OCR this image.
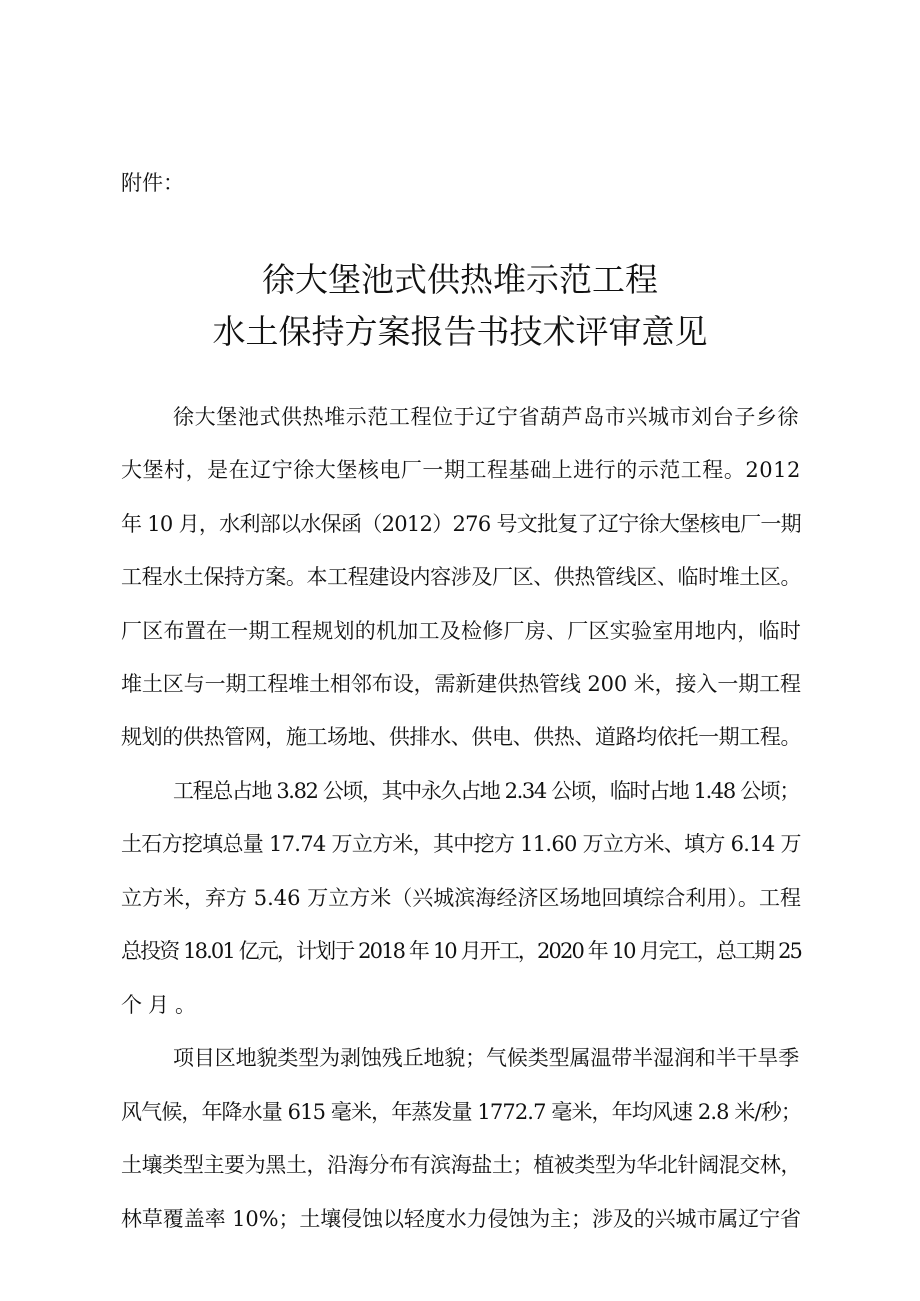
附件：
徐大堡池式供热堆示范工程
水土保持方案报告书技术评审意见
徐大堡池式供热堆示范工程位于辽宁省葫芦岛市兴城市刘台子乡徐
大堡村，是在辽宁徐大堡核电厂一期工程基础上进行的示范工程。2012
年 10 月，水利部以水保函（2012）276 号文批复了辽宁徐大堡核电厂一期
工程水土保持方案。本工程建设内容涉及厂区、供热管线区、临时堆土区。
厂区布置在一期工程规划的机加工及检修厂房、厂区实验室用地内，临时
堆土区与一期工程堆土相邻布设，需新建供热管线 200 米，接入一期工程
规划的供热管网，施工场地、供排水、供电、供热、道路均依托一期工程。
工程总占地 3.82 公顷，其中永久占地 2.34 公顷，临时占地 1.48 公顷；
土石方挖填总量 17.74 万立方米，其中挖方 11.60 万立方米、填方 6.14 万
立方米，弃方 5.46 万立方米（兴城滨海经济区场地回填综合利用）。工程
总投资 18.01 亿元，计划于 2018 年 10 月开工，2020 年 10 月完工，总工期 25
个月。
项目区地貌类型为剥蚀残丘地貌；气候类型属温带半湿润和半干旱季
风气候，年降水量 615 毫米，年蒸发量 1772.7 毫米，年均风速 2.8 米/秒；
土壤类型主要为黑土，沿海分布有滨海盐土；植被类型为华北针阔混交林，
林草覆盖率 10%；土壤侵蚀以轻度水力侵蚀为主；涉及的兴城市属辽宁省
